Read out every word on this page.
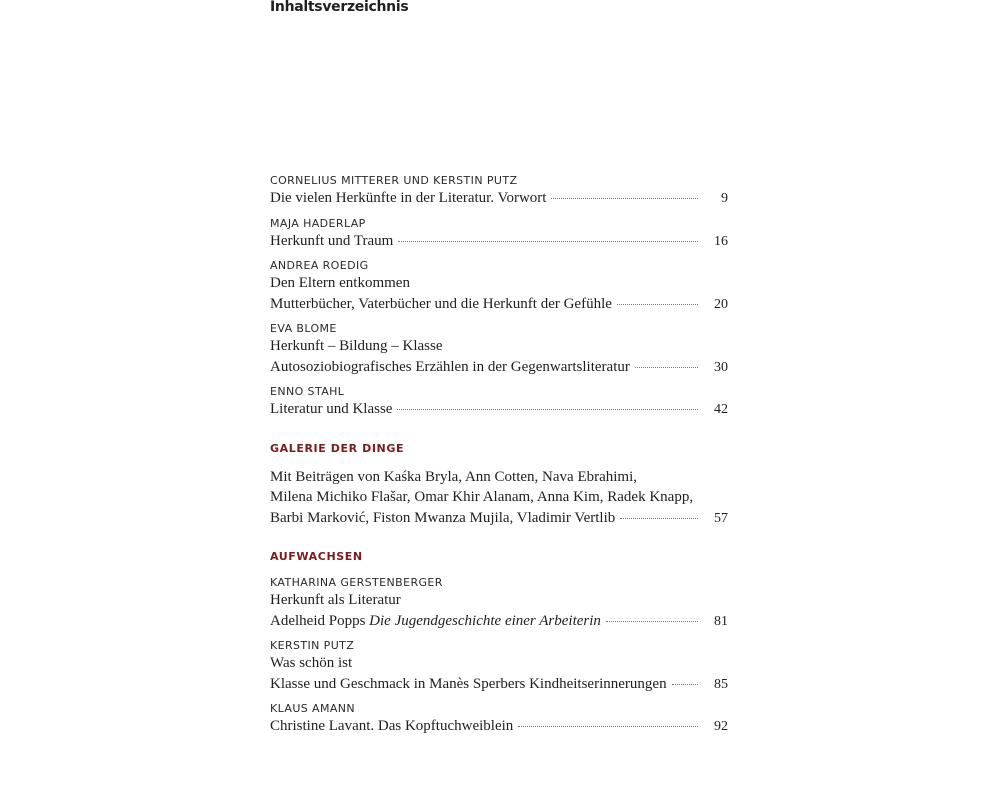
Inhaltsverzeichnis
CORNELIUS MITTERER UND KERSTIN PUTZ
Die vielen Herkünfte in der Literatur. Vorwort	9
MAJA HADERLAP
Herkunft und Traum	16
ANDREA ROEDIG
Den Eltern entkommen
Mutterbücher, Vaterbücher und die Herkunft der Gefühle	20
EVA BLOME
Herkunft – Bildung – Klasse
Autosoziobiografisches Erzählen in der Gegenwartsliteratur	30
ENNO STAHL
Literatur und Klasse	42
GALERIE DER DINGE
Mit Beiträgen von Kaśka Bryla, Ann Cotten, Nava Ebrahimi,
Milena Michiko Flašar, Omar Khir Alanam, Anna Kim, Radek Knapp,
Barbi Marković, Fiston Mwanza Mujila, Vladimir Vertlib	57
AUFWACHSEN
KATHARINA GERSTENBERGER
Herkunft als Literatur
Adelheid Popps Die Jugendgeschichte einer Arbeiterin	81
KERSTIN PUTZ
Was schön ist
Klasse und Geschmack in Manès Sperbers Kindheitserinnerungen	85
KLAUS AMANN
Christine Lavant. Das Kopftuchweiblein	92
